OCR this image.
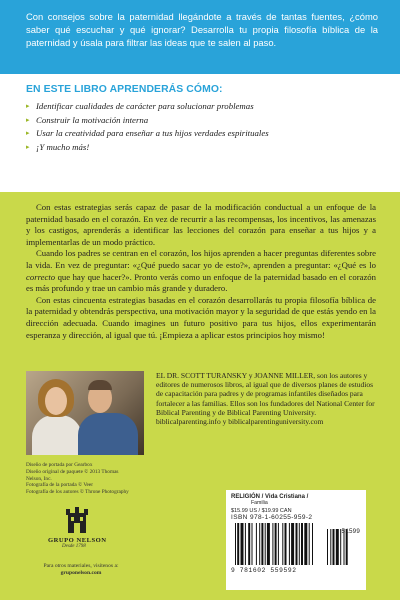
Con consejos sobre la paternidad llegándote a través de tantas fuentes, ¿cómo saber qué escuchar y qué ignorar? Desarrolla tu propia filosofía bíblica de la paternidad y úsala para filtrar las ideas que te salen al paso.

EN ESTE LIBRO APRENDERÁS CÓMO:
▸ Identificar cualidades de carácter para solucionar problemas
▸ Construir la motivación interna
▸ Usar la creatividad para enseñar a tus hijos verdades espirituales
▸ ¡Y mucho más!

Con estas estrategias serás capaz de pasar de la modificación conductual a un enfoque de la paternidad basado en el corazón. En vez de recurrir a las recompensas, los incentivos, las amenazas y los castigos, aprenderás a identificar las lecciones del corazón para enseñar a tus hijos y a implementarlas de un modo práctico.

Cuando los padres se centran en el corazón, los hijos aprenden a hacer preguntas diferentes sobre la vida. En vez de preguntar: «¿Qué puedo sacar yo de esto?», aprenden a preguntar: «¿Qué es lo correcto que hay que hacer?». Pronto verás como un enfoque de la paternidad basado en el corazón es más profundo y trae un cambio más grande y duradero.

Con estas cincuenta estrategias basadas en el corazón desarrollarás tu propia filosofía bíblica de la paternidad y obtendrás perspectiva, una motivación mayor y la seguridad de que estás yendo en la dirección adecuada. Cuando imagines un futuro positivo para tus hijos, ellos experimentarán esperanza y dirección, al igual que tú. ¡Empieza a aplicar estos principios hoy mismo!

EL DR. SCOTT TURANSKY y JOANNE MILLER, son los autores y editores de numerosos libros, al igual que de diversos planes de estudios de capacitación para padres y de programas infantiles diseñados para fortalecer a las familias. Ellos son los fundadores del National Center for Biblical Parenting y de Biblical Parenting University. biblicalparenting.info y biblicalparentinguniversity.com

Diseño de portada por Gearbox
Diseño original de paquete © 2013 Thomas Nelson, Inc.
Fotografía de la portada © Veer
Fotografía de los autores © Throne Photography
GRUPO NELSON
Desde 1798
Para otros materiales, visítenos a:
gruponelson.com
RELIGIÓN / Vida Cristiana /
Familia
$15.99 US / $19.99 CAN
ISBN 978-1-60255-959-2
51599
9 781602 559592
